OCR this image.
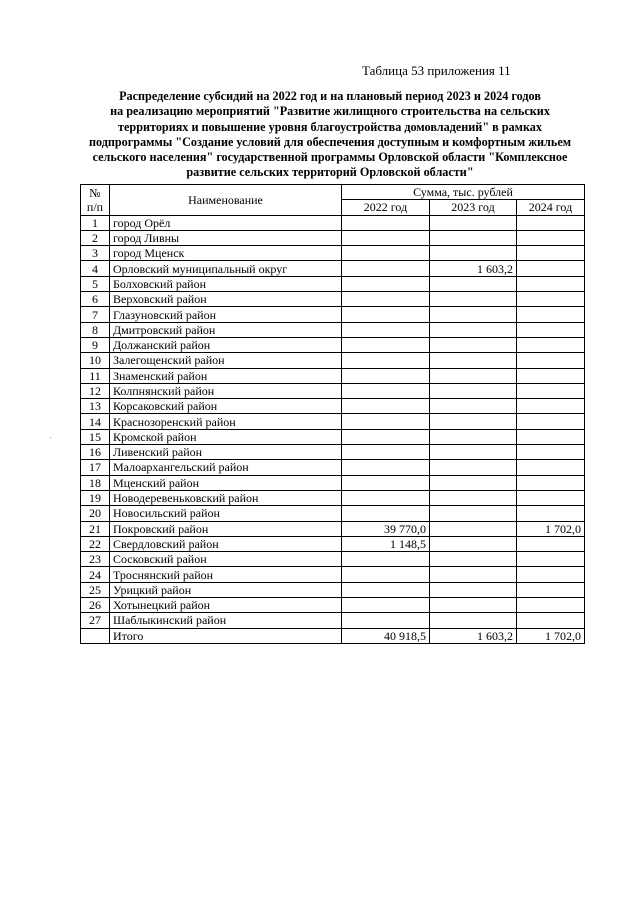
Таблица 53 приложения 11
Распределение субсидий на 2022 год и на плановый период 2023 и 2024 годов
на реализацию мероприятий "Развитие жилищного строительства на сельских
территориях и повышение уровня благоустройства домовладений" в рамках
подпрограммы "Создание условий для обеспечения доступным и комфортным жильем
сельского населения" государственной программы Орловской области "Комплексное
развитие сельских территорий Орловской области"
№
п/п	Наименование	Сумма, тыс. рублей		
		2022 год	2023 год	2024 год
1	город Орёл			
2	город Ливны			
3	город Мценск			
4	Орловский муниципальный округ		1 603,2	
5	Болховский район			
6	Верховский район			
7	Глазуновский район			
8	Дмитровский район			
9	Должанский район			
10	Залегощенский район			
11	Знаменский район			
12	Колпнянский район			
13	Корсаковский район			
14	Краснозоренский район			
15	Кромской район			
16	Ливенский район			
17	Малоархангельский район			
18	Мценский район			
19	Новодеревеньковский район			
20	Новосильский район			
21	Покровский район	39 770,0		1 702,0
22	Свердловский район	1 148,5		
23	Сосковский район			
24	Троснянский район			
25	Урицкий район			
26	Хотынецкий район			
27	Шаблыкинский район			
	Итого	40 918,5	1 603,2	1 702,0
